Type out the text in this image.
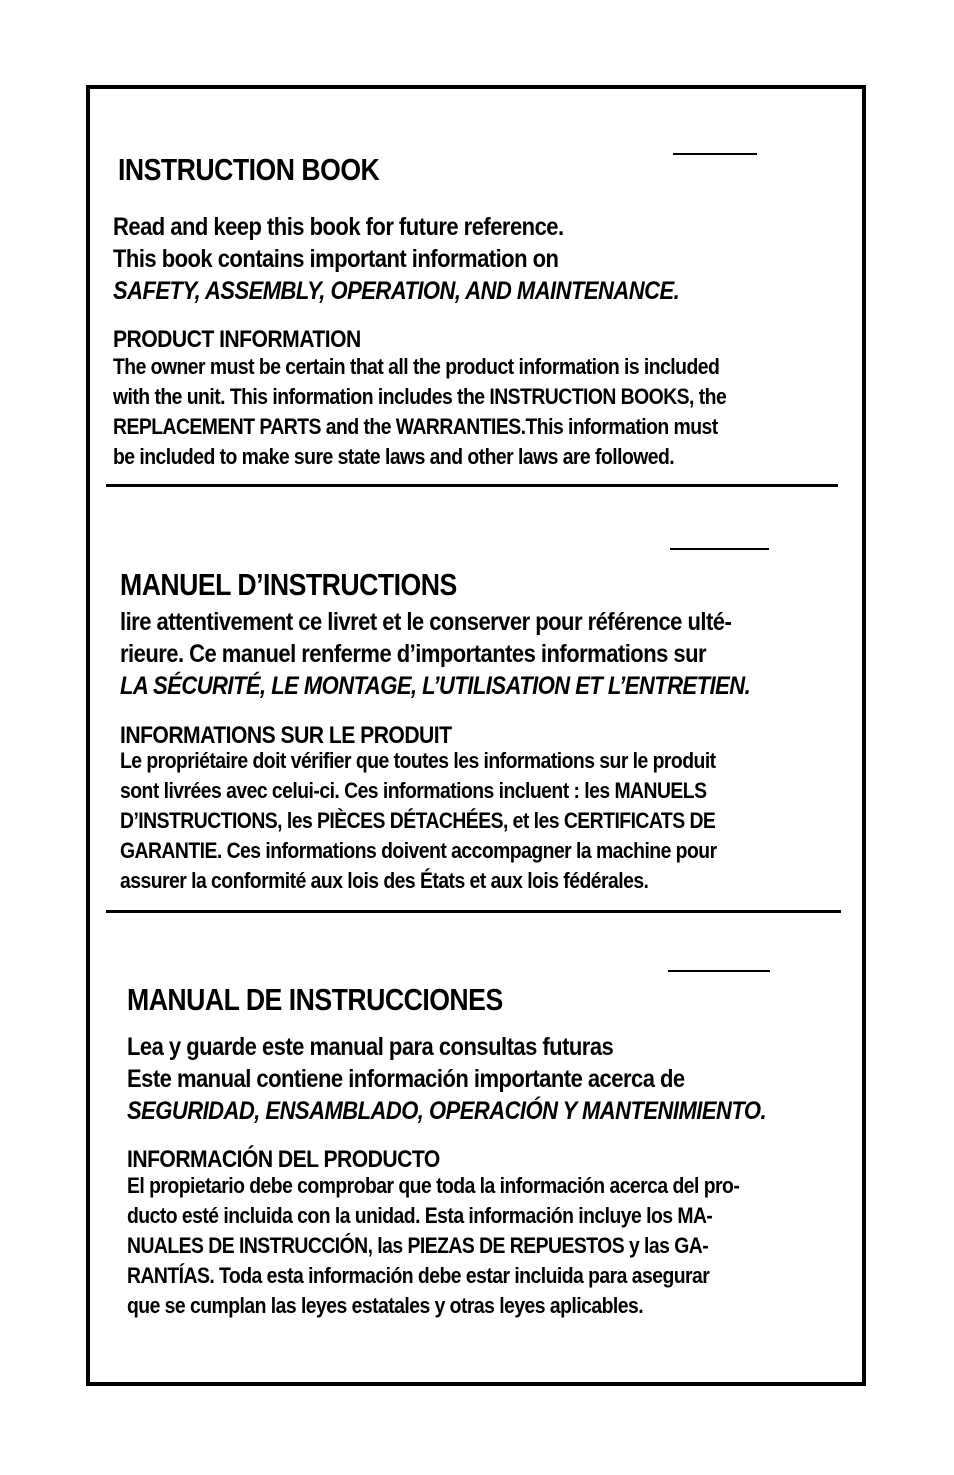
INSTRUCTION BOOK
Read and keep this book for future reference.
This book contains important information on
SAFETY, ASSEMBLY, OPERATION, AND MAINTENANCE.
PRODUCT INFORMATION
The owner must be certain that all the product information is included
with the unit. This information includes the INSTRUCTION BOOKS, the
REPLACEMENT PARTS and the WARRANTIES.This information must
be included to make sure state laws and other laws are followed.
MANUEL D’INSTRUCTIONS
lire attentivement ce livret et le conserver pour référence ulté-
rieure. Ce manuel renferme d’importantes informations sur
LA SÉCURITÉ, LE MONTAGE, L’UTILISATION ET L’ENTRETIEN.
INFORMATIONS SUR LE PRODUIT
Le propriétaire doit vérifier que toutes les informations sur le produit
sont livrées avec celui-ci. Ces informations incluent : les MANUELS
D’INSTRUCTIONS, les PIÈCES DÉTACHÉES, et les CERTIFICATS DE
GARANTIE. Ces informations doivent accompagner la machine pour
assurer la conformité aux lois des États et aux lois fédérales.
MANUAL DE INSTRUCCIONES
Lea y guarde este manual para consultas futuras
Este manual contiene información importante acerca de
SEGURIDAD, ENSAMBLADO, OPERACIÓN Y MANTENIMIENTO.
INFORMACIÓN DEL PRODUCTO
El propietario debe comprobar que toda la información acerca del pro-
ducto esté incluida con la unidad. Esta información incluye los MA-
NUALES DE INSTRUCCIÓN, las PIEZAS DE REPUESTOS y las GA-
RANTÍAS. Toda esta información debe estar incluida para asegurar
que se cumplan las leyes estatales y otras leyes aplicables.
